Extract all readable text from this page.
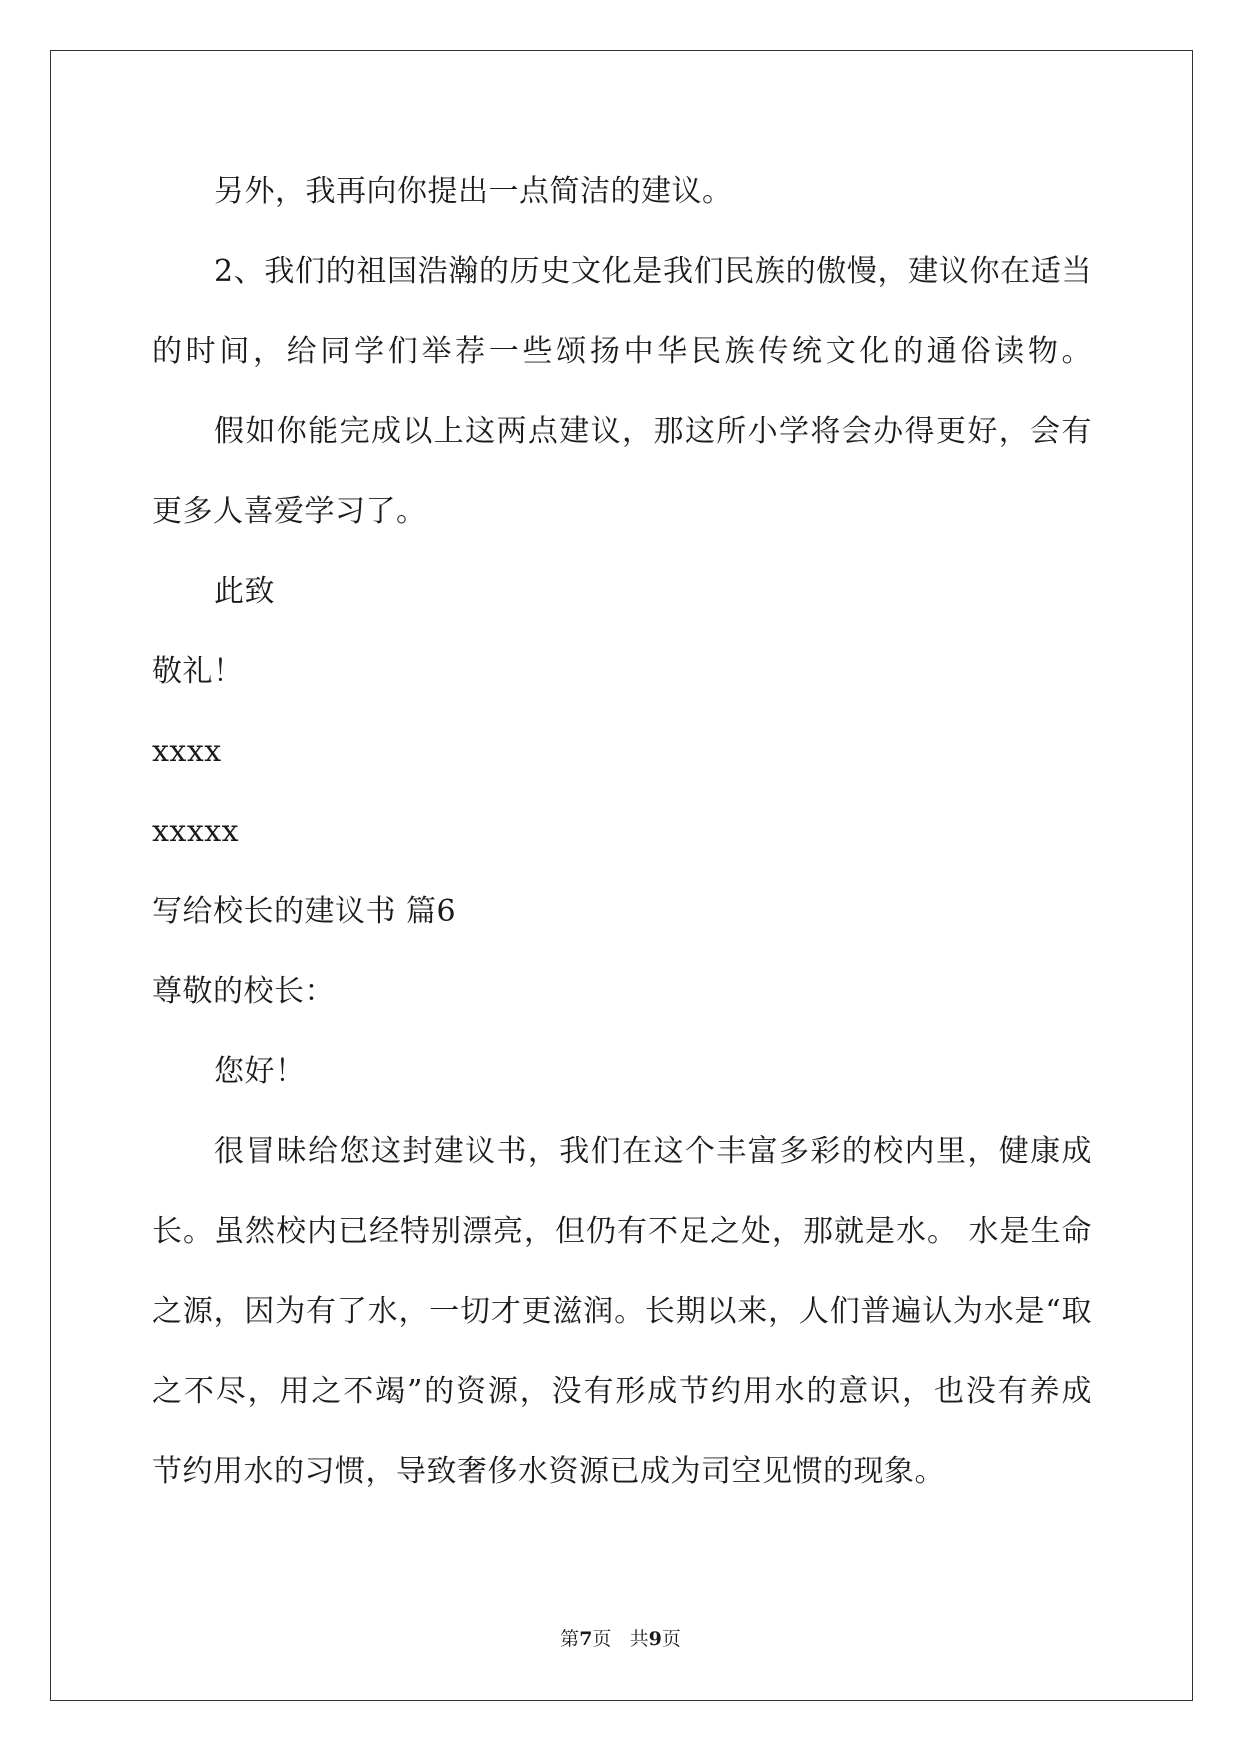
另外，我再向你提出一点简洁的建议。
2、我们的祖国浩瀚的历史文化是我们民族的傲慢，建议你在适当
的时间，给同学们举荐一些颂扬中华民族传统文化的通俗读物。
假如你能完成以上这两点建议，那这所小学将会办得更好，会有
更多人喜爱学习了。
此致
敬礼！
xxxx
xxxxx
写给校长的建议书 篇6
尊敬的校长：
您好！
很冒昧给您这封建议书，我们在这个丰富多彩的校内里，健康成
长。虽然校内已经特别漂亮，但仍有不足之处，那就是水。 水是生命
之源，因为有了水，一切才更滋润。长期以来，人们普遍认为水是“取
之不尽，用之不竭”的资源，没有形成节约用水的意识，也没有养成
节约用水的习惯，导致奢侈水资源已成为司空见惯的现象。
第7页 共9页
